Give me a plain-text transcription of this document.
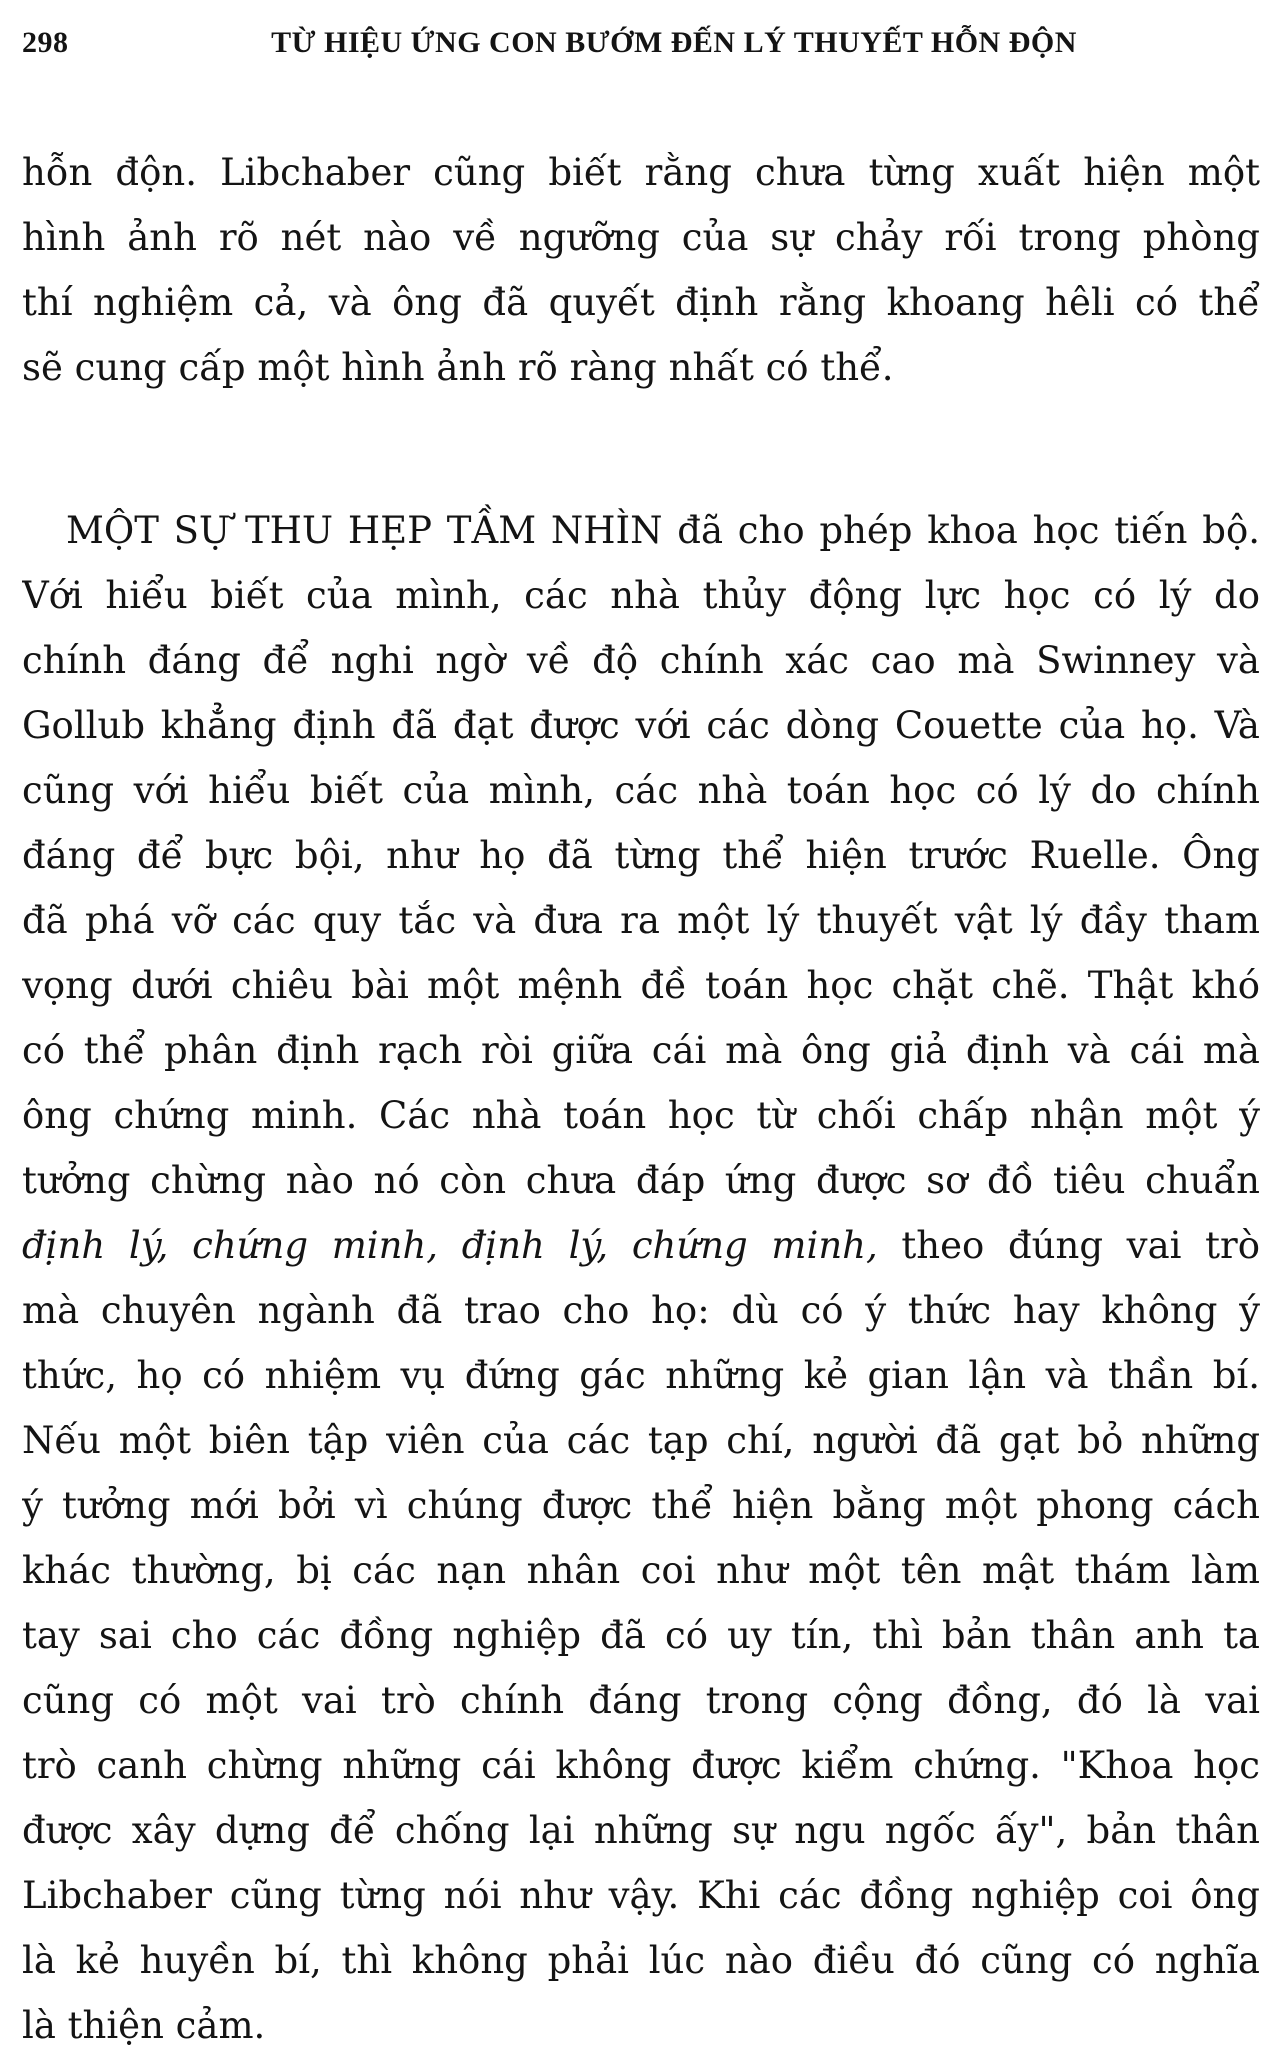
298	TỪ HIỆU ỨNG CON BƯỚM ĐẾN LÝ THUYẾT HỖN ĐỘN

hỗn độn. Libchaber cũng biết rằng chưa từng xuất hiện một
hình ảnh rõ nét nào về ngưỡng của sự chảy rối trong phòng
thí nghiệm cả, và ông đã quyết định rằng khoang hêli có thể
sẽ cung cấp một hình ảnh rõ ràng nhất có thể.

MỘT SỰ THU HẸP TẦM NHÌN đã cho phép khoa học tiến bộ.
Với hiểu biết của mình, các nhà thủy động lực học có lý do
chính đáng để nghi ngờ về độ chính xác cao mà Swinney và
Gollub khẳng định đã đạt được với các dòng Couette của họ. Và
cũng với hiểu biết của mình, các nhà toán học có lý do chính
đáng để bực bội, như họ đã từng thể hiện trước Ruelle. Ông
đã phá vỡ các quy tắc và đưa ra một lý thuyết vật lý đầy tham
vọng dưới chiêu bài một mệnh đề toán học chặt chẽ. Thật khó
có thể phân định rạch ròi giữa cái mà ông giả định và cái mà
ông chứng minh. Các nhà toán học từ chối chấp nhận một ý
tưởng chừng nào nó còn chưa đáp ứng được sơ đồ tiêu chuẩn
định lý, chứng minh, định lý, chứng minh, theo đúng vai trò
mà chuyên ngành đã trao cho họ: dù có ý thức hay không ý
thức, họ có nhiệm vụ đứng gác những kẻ gian lận và thần bí.
Nếu một biên tập viên của các tạp chí, người đã gạt bỏ những
ý tưởng mới bởi vì chúng được thể hiện bằng một phong cách
khác thường, bị các nạn nhân coi như một tên mật thám làm
tay sai cho các đồng nghiệp đã có uy tín, thì bản thân anh ta
cũng có một vai trò chính đáng trong cộng đồng, đó là vai
trò canh chừng những cái không được kiểm chứng. "Khoa học
được xây dựng để chống lại những sự ngu ngốc ấy", bản thân
Libchaber cũng từng nói như vậy. Khi các đồng nghiệp coi ông
là kẻ huyền bí, thì không phải lúc nào điều đó cũng có nghĩa
là thiện cảm.
